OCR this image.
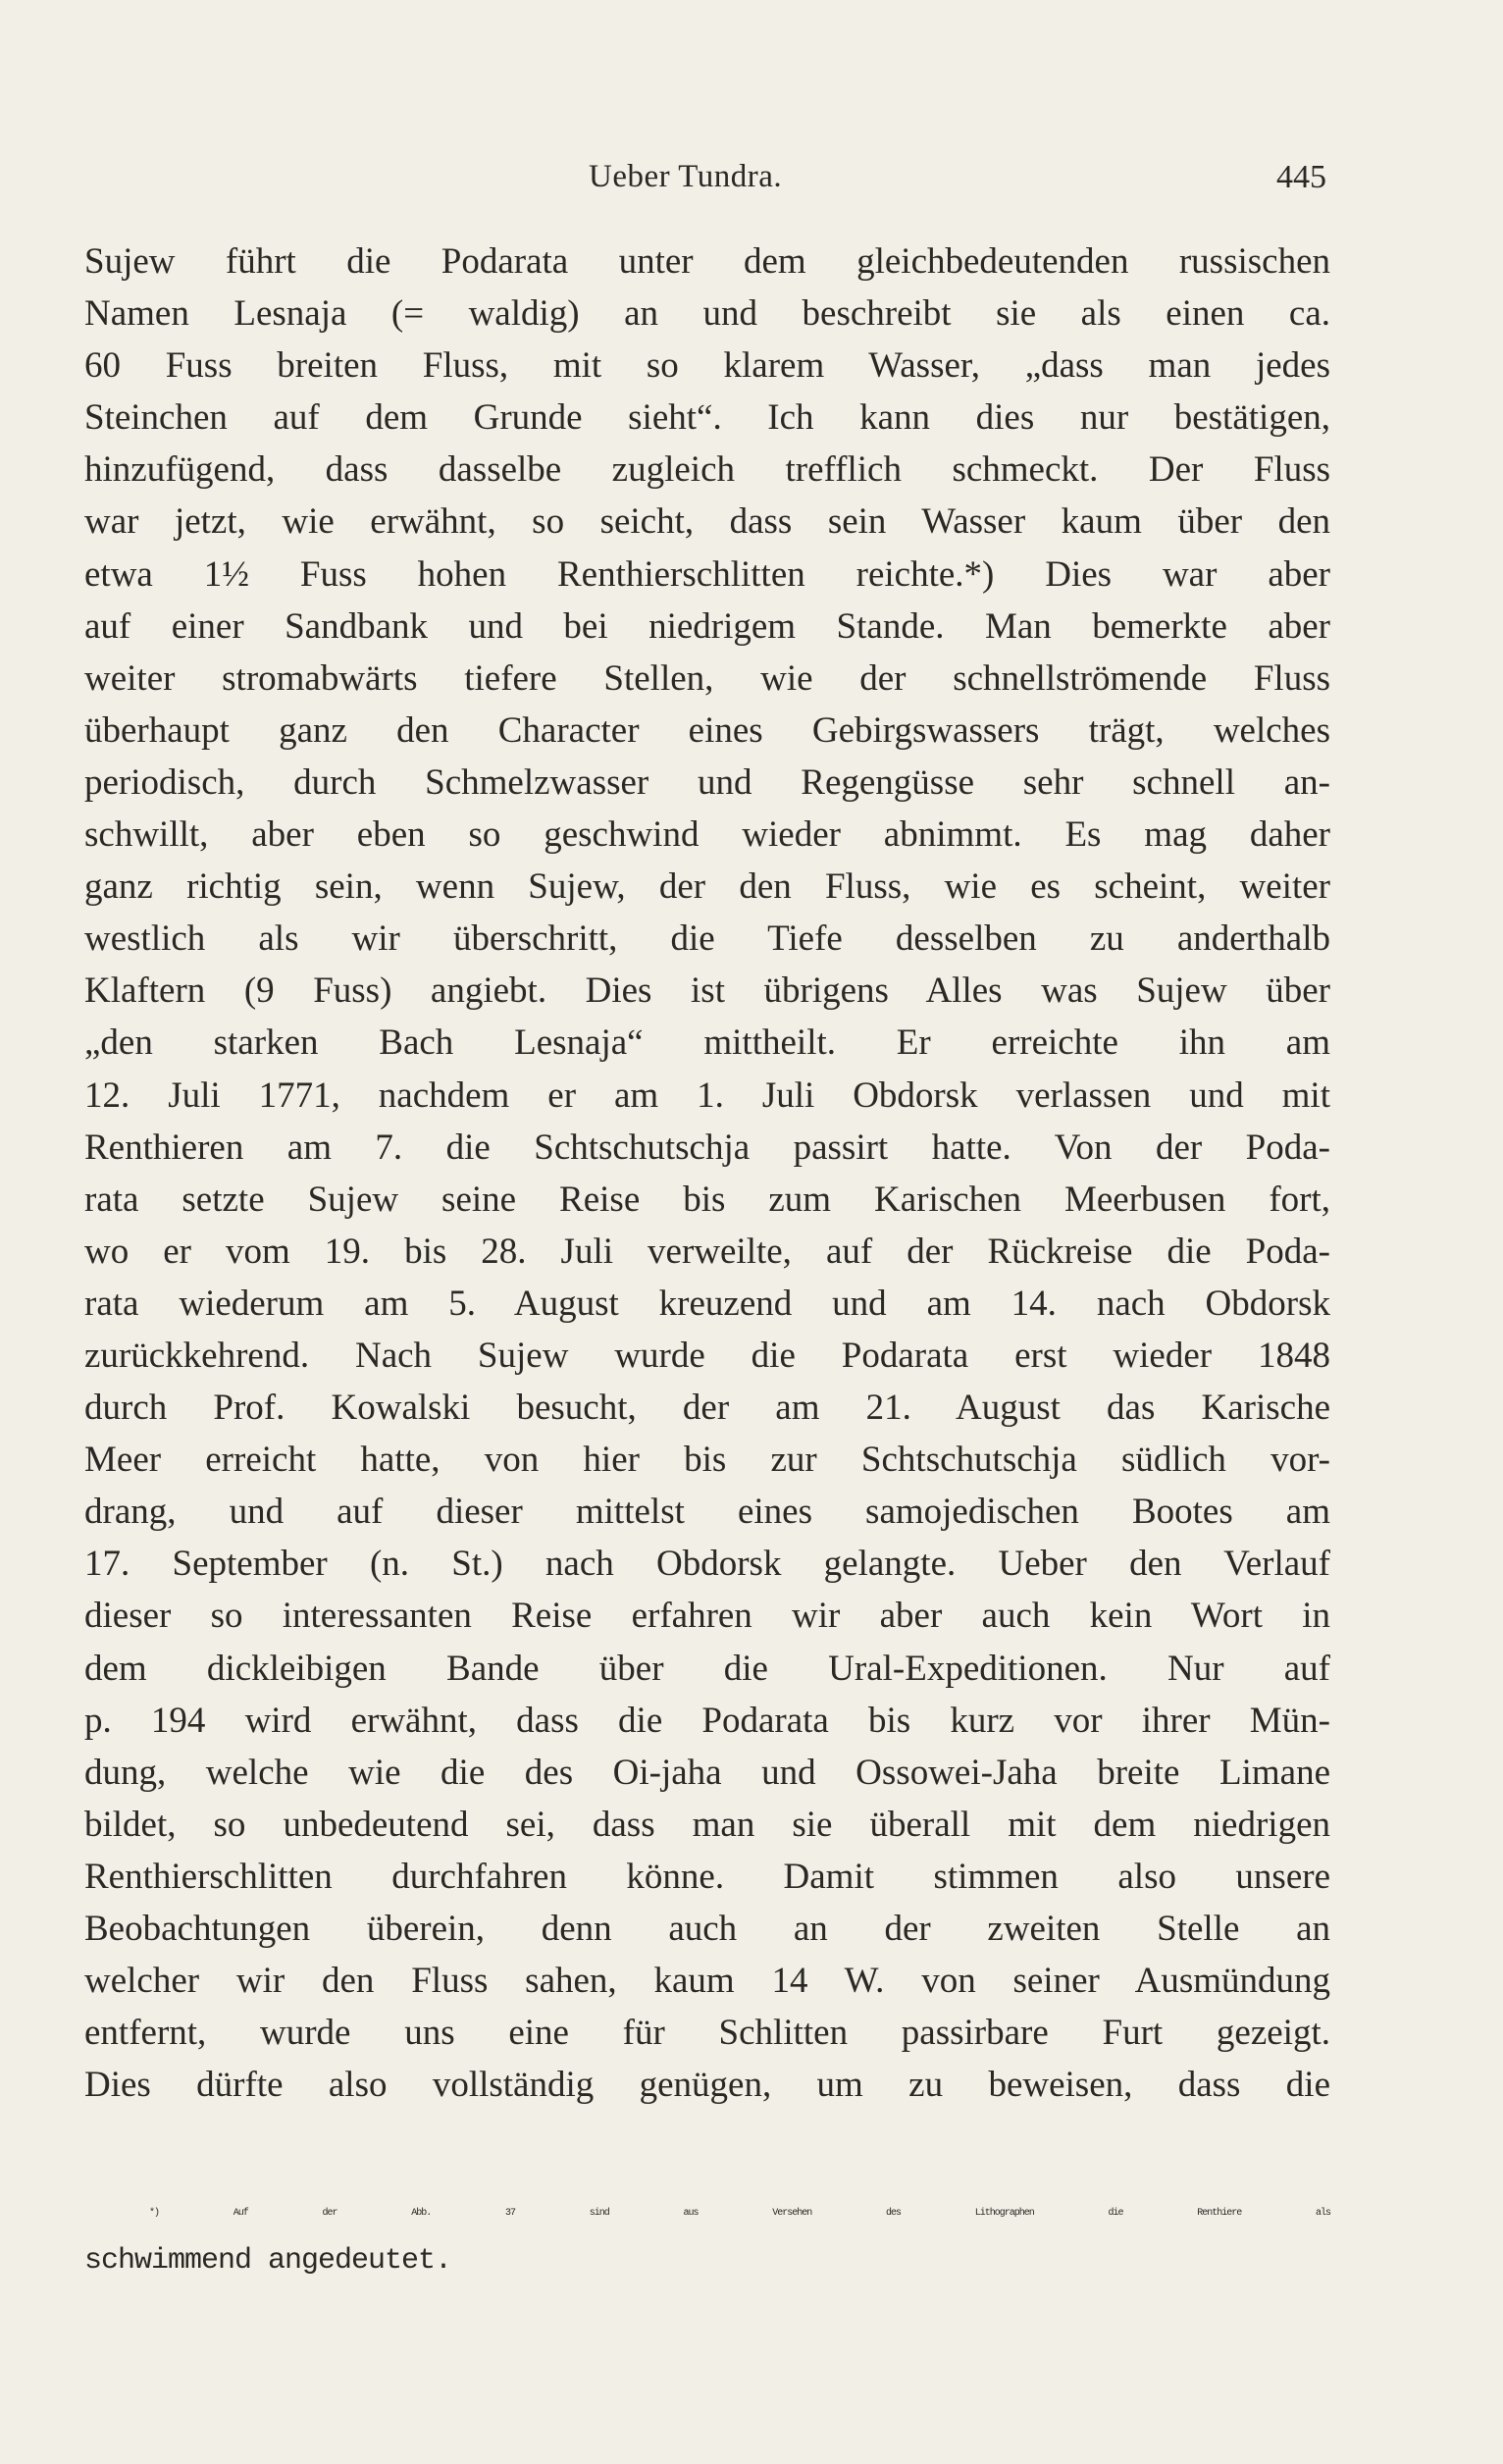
Ueber Tundra.	445
Sujew führt die Podarata unter dem gleichbedeutenden russischen
Namen Lesnaja (= waldig) an und beschreibt sie als einen ca.
60 Fuss breiten Fluss, mit so klarem Wasser, „dass man jedes
Steinchen auf dem Grunde sieht“. Ich kann dies nur bestätigen,
hinzufügend, dass dasselbe zugleich trefflich schmeckt. Der Fluss
war jetzt, wie erwähnt, so seicht, dass sein Wasser kaum über den
etwa 1½ Fuss hohen Renthierschlitten reichte.*) Dies war aber
auf einer Sandbank und bei niedrigem Stande. Man bemerkte aber
weiter stromabwärts tiefere Stellen, wie der schnellströmende Fluss
überhaupt ganz den Character eines Gebirgswassers trägt, welches
periodisch, durch Schmelzwasser und Regengüsse sehr schnell an-
schwillt, aber eben so geschwind wieder abnimmt. Es mag daher
ganz richtig sein, wenn Sujew, der den Fluss, wie es scheint, weiter
westlich als wir überschritt, die Tiefe desselben zu anderthalb
Klaftern (9 Fuss) angiebt. Dies ist übrigens Alles was Sujew über
„den starken Bach Lesnaja“ mittheilt. Er erreichte ihn am
12. Juli 1771, nachdem er am 1. Juli Obdorsk verlassen und mit
Renthieren am 7. die Schtschutschja passirt hatte. Von der Poda-
rata setzte Sujew seine Reise bis zum Karischen Meerbusen fort,
wo er vom 19. bis 28. Juli verweilte, auf der Rückreise die Poda-
rata wiederum am 5. August kreuzend und am 14. nach Obdorsk
zurückkehrend. Nach Sujew wurde die Podarata erst wieder 1848
durch Prof. Kowalski besucht, der am 21. August das Karische
Meer erreicht hatte, von hier bis zur Schtschutschja südlich vor-
drang, und auf dieser mittelst eines samojedischen Bootes am
17. September (n. St.) nach Obdorsk gelangte. Ueber den Verlauf
dieser so interessanten Reise erfahren wir aber auch kein Wort in
dem dickleibigen Bande über die Ural-Expeditionen. Nur auf
p. 194 wird erwähnt, dass die Podarata bis kurz vor ihrer Mün-
dung, welche wie die des Oi-jaha und Ossowei-Jaha breite Limane
bildet, so unbedeutend sei, dass man sie überall mit dem niedrigen
Renthierschlitten durchfahren könne. Damit stimmen also unsere
Beobachtungen überein, denn auch an der zweiten Stelle an
welcher wir den Fluss sahen, kaum 14 W. von seiner Ausmündung
entfernt, wurde uns eine für Schlitten passirbare Furt gezeigt.
Dies dürfte also vollständig genügen, um zu beweisen, dass die
*) Auf der Abb. 37 sind aus Versehen des Lithographen die Renthiere als
schwimmend angedeutet.
